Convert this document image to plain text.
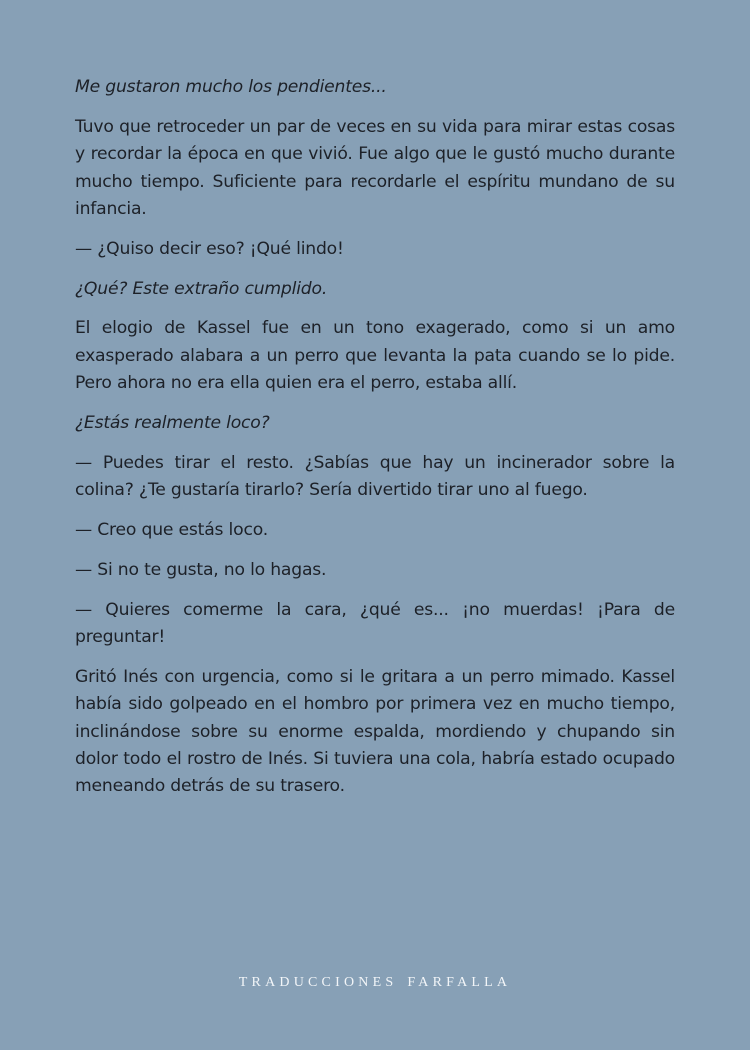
Me gustaron mucho los pendientes...

Tuvo que retroceder un par de veces en su vida para mirar estas cosas y recordar la época en que vivió. Fue algo que le gustó mucho durante mucho tiempo. Suficiente para recordarle el espíritu mundano de su infancia.

— ¿Quiso decir eso? ¡Qué lindo!

¿Qué? Este extraño cumplido.

El elogio de Kassel fue en un tono exagerado, como si un amo exasperado alabara a un perro que levanta la pata cuando se lo pide. Pero ahora no era ella quien era el perro, estaba allí.

¿Estás realmente loco?

— Puedes tirar el resto. ¿Sabías que hay un incinerador sobre la colina? ¿Te gustaría tirarlo? Sería divertido tirar uno al fuego.

— Creo que estás loco.

— Si no te gusta, no lo hagas.

— Quieres comerme la cara, ¿qué es... ¡no muerdas! ¡Para de preguntar!

Gritó Inés con urgencia, como si le gritara a un perro mimado. Kassel había sido golpeado en el hombro por primera vez en mucho tiempo, inclinándose sobre su enorme espalda, mordiendo y chupando sin dolor todo el rostro de Inés. Si tuviera una cola, habría estado ocupado meneando detrás de su trasero.

TRADUCCIONES FARFALLA
